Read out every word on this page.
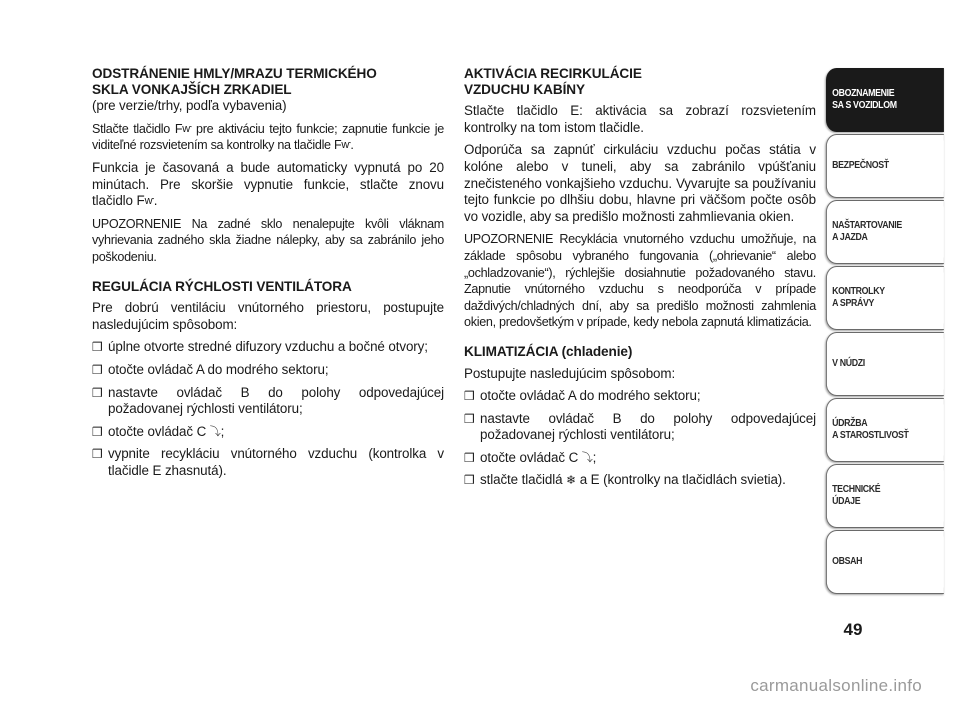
ODSTRÁNENIE HMLY/MRAZU TERMICKÉHO
SKLA VONKAJŠÍCH ZRKADIEL

(pre verzie/trhy, podľa vybavenia)

Stlačte tlačidlo Fⱳ pre aktiváciu tejto funkcie; zapnutie funkcie je viditeľné rozsvietením sa kontrolky na tlačidle Fⱳ.

Funkcia je časovaná a bude automaticky vypnutá po 20 minútach. Pre skoršie vypnutie funkcie, stlačte znovu tlačidlo Fⱳ.

UPOZORNENIE Na zadné sklo nenalepujte kvôli vláknam vyhrievania zadného skla žiadne nálepky, aby sa zabránilo jeho poškodeniu.

REGULÁCIA RÝCHLOSTI VENTILÁTORA

Pre dobrú ventiláciu vnútorného priestoru, postupujte nasledujúcim spôsobom:

❒ úplne otvorte stredné difuzory vzduchu a bočné otvory;
❒ otočte ovládač A do modrého sektoru;
❒ nastavte ovládač B do polohy odpovedajúcej požadovanej rýchlosti ventilátoru;
❒ otočte ovládač C ⤵;
❒ vypnite recykláciu vnútorného vzduchu (kontrolka v tlačidle E zhasnutá).
AKTIVÁCIA RECIRKULÁCIE
VZDUCHU KABÍNY

Stlačte tlačidlo E: aktivácia sa zobrazí rozsvietením kontrolky na tom istom tlačidle.

Odporúča sa zapnúť cirkuláciu vzduchu počas státia v kolóne alebo v tuneli, aby sa zabránilo vpúšťaniu znečisteného vonkajšieho vzduchu. Vyvarujte sa používaniu tejto funkcie po dlhšiu dobu, hlavne pri väčšom počte osôb vo vozidle, aby sa predišlo možnosti zahmlievania okien.

UPOZORNENIE Recyklácia vnutorného vzduchu umožňuje, na základe spôsobu vybraného fungovania („ohrievanie“ alebo „ochladzovanie“), rýchlejšie dosiahnutie požadovaného stavu. Zapnutie vnútorného vzduchu s neodporúča v prípade daždivých/chladných dní, aby sa predišlo možnosti zahmlenia okien, predovšetkým v prípade, kedy nebola zapnutá klimatizácia.

KLIMATIZÁCIA (chladenie)

Postupujte nasledujúcim spôsobom:

❒ otočte ovládač A do modrého sektoru;
❒ nastavte ovládač B do polohy odpovedajúcej požadovanej rýchlosti ventilátoru;
❒ otočte ovládač C ⤵;
❒ stlačte tlačidlá ❄ a E (kontrolky na tlačidlách svietia).
OBOZNAMENIE
SA S VOZIDLOM
BEZPEČNOSŤ
NAŠTARTOVANIE
A JAZDA
KONTROLKY
A SPRÁVY
V NÚDZI
ÚDRŽBA
A STAROSTLIVOSŤ
TECHNICKÉ
ÚDAJE
OBSAH
49
carmanualsonline.info
